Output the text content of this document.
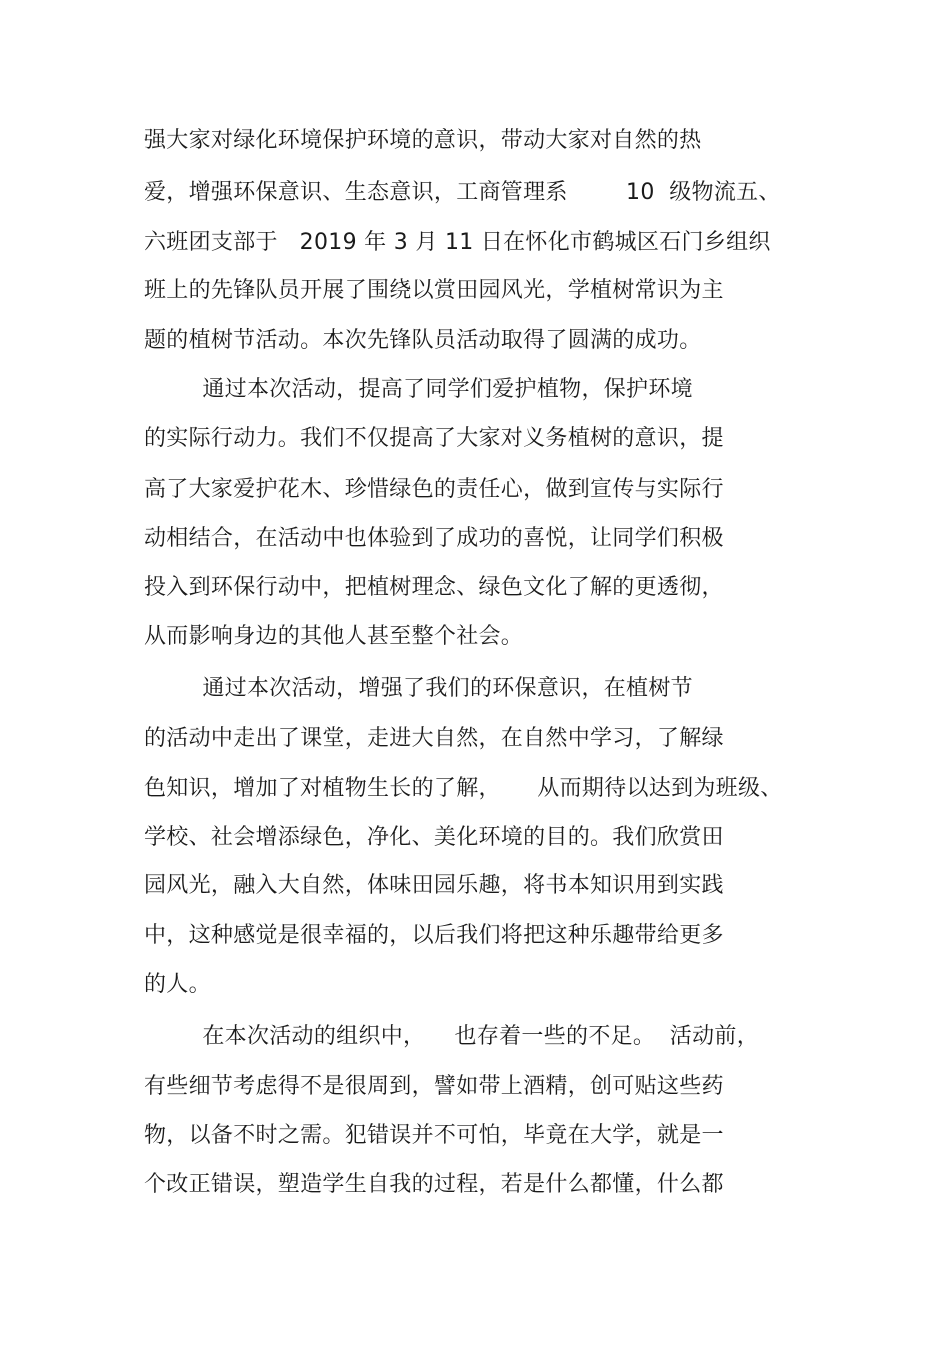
强大家对绿化环境保护环境的意识，带动大家对自然的热
爱，增强环保意识、生态意识，工商管理系        10  级物流五、
六班团支部于   2019 年 3 月 11 日在怀化市鹤城区石门乡组织
班上的先锋队员开展了围绕以赏田园风光，学植树常识为主
题的植树节活动。本次先锋队员活动取得了圆满的成功。
通过本次活动，提高了同学们爱护植物，保护环境
的实际行动力。我们不仅提高了大家对义务植树的意识，提
高了大家爱护花木、珍惜绿色的责任心，做到宣传与实际行
动相结合，在活动中也体验到了成功的喜悦，让同学们积极
投入到环保行动中，把植树理念、绿色文化了解的更透彻，
从而影响身边的其他人甚至整个社会。
通过本次活动，增强了我们的环保意识，在植树节
的活动中走出了课堂，走进大自然，在自然中学习，了解绿
色知识，增加了对植物生长的了解，     从而期待以达到为班级、
学校、社会增添绿色，净化、美化环境的目的。我们欣赏田
园风光，融入大自然，体味田园乐趣，将书本知识用到实践
中，这种感觉是很幸福的，以后我们将把这种乐趣带给更多
的人。
在本次活动的组织中，    也存着一些的不足。  活动前，
有些细节考虑得不是很周到，譬如带上酒精，创可贴这些药
物，以备不时之需。犯错误并不可怕，毕竟在大学，就是一
个改正错误，塑造学生自我的过程，若是什么都懂，什么都
